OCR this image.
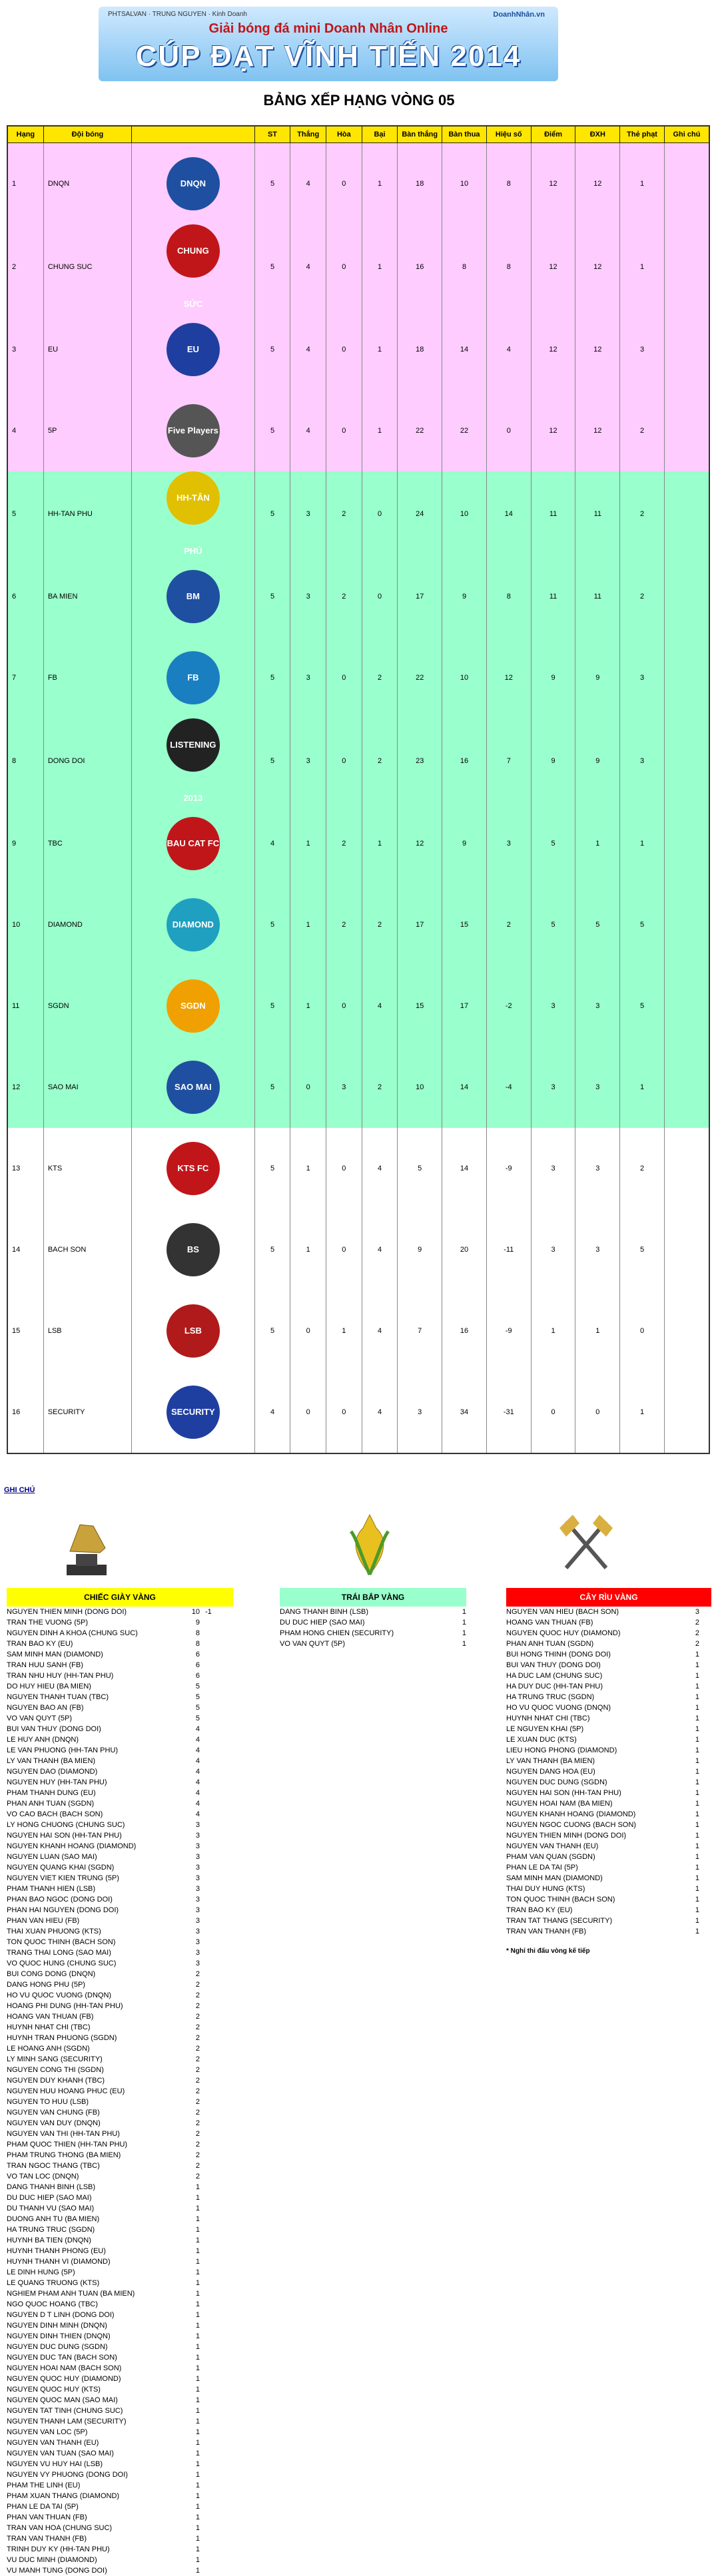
PHTSALVAN · TRUNG NGUYEN · Kinh Doanh	DoanhNhân.vn
Giải bóng đá mini Doanh Nhân Online
CÚP ĐẠT VĨNH TIẾN 2014
BẢNG XẾP HẠNG VÒNG 05
Hạng	Đội bóng		ST	Thắng	Hòa	Bại	Bàn thắng	Bàn thua	Hiệu số	Điểm	ĐXH	Thẻ phạt	Ghi chú
1	DNQN	DNQN	5	4	0	1	18	10	8	12	12	1	
2	CHUNG SUC	CHUNG SỨC	5	4	0	1	16	8	8	12	12	1	
3	EU	EU	5	4	0	1	18	14	4	12	12	3	
4	5P	Five Players	5	4	0	1	22	22	0	12	12	2	
5	HH-TAN PHU	HH-TÂN PHÚ	5	3	2	0	24	10	14	11	11	2	
6	BA MIEN	BM	5	3	2	0	17	9	8	11	11	2	
7	FB	FB	5	3	0	2	22	10	12	9	9	3	
8	DONG DOI	LISTENING 2013	5	3	0	2	23	16	7	9	9	3	
9	TBC	BAU CAT FC	4	1	2	1	12	9	3	5	1	1	
10	DIAMOND	DIAMOND	5	1	2	2	17	15	2	5	5	5	
11	SGDN	SGDN	5	1	0	4	15	17	-2	3	3	5	
12	SAO MAI	SAO MAI	5	0	3	2	10	14	-4	3	3	1	
13	KTS	KTS FC	5	1	0	4	5	14	-9	3	3	2	
14	BACH SON	BS	5	1	0	4	9	20	-11	3	3	5	
15	LSB	LSB	5	0	1	4	7	16	-9	1	1	0	
16	SECURITY	SECURITY	4	0	0	4	3	34	-31	0	0	1	
GHI CHÚ
CHIẾC GIÀY VÀNG
NGUYEN THIEN MINH (DONG DOI)	10 -1
TRAN THE VUONG (5P)	9
NGUYEN DINH A KHOA (CHUNG SUC)	8
TRAN BAO KY (EU)	8
SAM MINH MAN (DIAMOND)	6
TRAN HUU SANH (FB)	6
TRAN NHU HUY (HH-TAN PHU)	6
DO HUY HIEU (BA MIEN)	5
NGUYEN THANH TUAN (TBC)	5
NGUYEN BAO AN (FB)	5
VO VAN QUYT (5P)	5
BUI VAN THUY (DONG DOI)	4
LE HUY ANH (DNQN)	4
LE VAN PHUONG (HH-TAN PHU)	4
LY VAN THANH (BA MIEN)	4
NGUYEN DAO (DIAMOND)	4
NGUYEN HUY (HH-TAN PHU)	4
PHAM THANH DUNG (EU)	4
PHAN ANH TUAN (SGDN)	4
VO CAO BACH (BACH SON)	4
LY HONG CHUONG (CHUNG SUC)	3
NGUYEN HAI SON (HH-TAN PHU)	3
NGUYEN KHANH HOANG (DIAMOND)	3
NGUYEN LUAN (SAO MAI)	3
NGUYEN QUANG KHAI (SGDN)	3
NGUYEN VIET KIEN TRUNG (5P)	3
PHAM THANH HIEN (LSB)	3
PHAN BAO NGOC (DONG DOI)	3
PHAN HAI NGUYEN (DONG DOI)	3
PHAN VAN HIEU (FB)	3
THAI XUAN PHUONG (KTS)	3
TON QUOC THINH (BACH SON)	3
TRANG THAI LONG (SAO MAI)	3
VO QUOC HUNG (CHUNG SUC)	3
BUI CONG DONG (DNQN)	2
DANG HONG PHU (5P)	2
HO VU QUOC VUONG (DNQN)	2
HOANG PHI DUNG (HH-TAN PHU)	2
HOANG VAN THUAN (FB)	2
HUYNH NHAT CHI (TBC)	2
HUYNH TRAN PHUONG (SGDN)	2
LE HOANG ANH (SGDN)	2
LY MINH SANG (SECURITY)	2
NGUYEN CONG THI (SGDN)	2
NGUYEN DUY KHANH (TBC)	2
NGUYEN HUU HOANG PHUC (EU)	2
NGUYEN TO HUU (LSB)	2
NGUYEN VAN CHUNG (FB)	2
NGUYEN VAN DUY (DNQN)	2
NGUYEN VAN THI (HH-TAN PHU)	2
PHAM QUOC THIEN (HH-TAN PHU)	2
PHAM TRUNG THONG (BA MIEN)	2
TRAN NGOC THANG (TBC)	2
VO TAN LOC (DNQN)	2
DANG THANH BINH (LSB)	1
DU DUC HIEP (SAO MAI)	1
DU THANH VU (SAO MAI)	1
DUONG ANH TU (BA MIEN)	1
HA TRUNG TRUC (SGDN)	1
HUYNH BA TIEN (DNQN)	1
HUYNH THANH PHONG (EU)	1
HUYNH THANH VI (DIAMOND)	1
LE DINH HUNG (5P)	1
LE QUANG TRUONG (KTS)	1
NGHIEM PHAM ANH TUAN (BA MIEN)	1
NGO QUOC HOANG (TBC)	1
NGUYEN D T LINH (DONG DOI)	1
NGUYEN DINH MINH (DNQN)	1
NGUYEN DINH THIEN (DNQN)	1
NGUYEN DUC DUNG (SGDN)	1
NGUYEN DUC TAN (BACH SON)	1
NGUYEN HOAI NAM (BACH SON)	1
NGUYEN QUOC HUY (DIAMOND)	1
NGUYEN QUOC HUY (KTS)	1
NGUYEN QUOC MAN (SAO MAI)	1
NGUYEN TAT TINH (CHUNG SUC)	1
NGUYEN THANH LAM (SECURITY)	1
NGUYEN VAN LOC (5P)	1
NGUYEN VAN THANH (EU)	1
NGUYEN VAN TUAN (SAO MAI)	1
NGUYEN VU HUY HAI (LSB)	1
NGUYEN VY PHUONG (DONG DOI)	1
PHAM THE LINH (EU)	1
PHAM XUAN THANG (DIAMOND)	1
PHAN LE DA TAI (5P)	1
PHAN VAN THUAN (FB)	1
TRAN VAN HOA (CHUNG SUC)	1
TRAN VAN THANH (FB)	1
TRINH DUY KY (HH-TAN PHU)	1
VU DUC MINH (DIAMOND)	1
VU MANH TUNG (DONG DOI)	1
TRÁI BẮP VÀNG
DANG THANH BINH (LSB)	1
DU DUC HIEP (SAO MAI)	1
PHAM HONG CHIEN (SECURITY)	1
VO VAN QUYT (5P)	1
CÂY RÌU VÀNG
NGUYEN VAN HIEU (BACH SON)	3
HOANG VAN THUAN (FB)	2
NGUYEN QUOC HUY (DIAMOND)	2
PHAN ANH TUAN (SGDN)	2
BUI HONG THINH (DONG DOI)	1
BUI VAN THUY (DONG DOI)	1
HA DUC LAM (CHUNG SUC)	1
HA DUY DUC (HH-TAN PHU)	1
HA TRUNG TRUC (SGDN)	1
HO VU QUOC VUONG (DNQN)	1
HUYNH NHAT CHI (TBC)	1
LE NGUYEN KHAI (5P)	1
LE XUAN DUC (KTS)	1
LIEU HONG PHONG (DIAMOND)	1
LY VAN THANH (BA MIEN)	1
NGUYEN DANG HOA (EU)	1
NGUYEN DUC DUNG (SGDN)	1
NGUYEN HAI SON (HH-TAN PHU)	1
NGUYEN HOAI NAM (BA MIEN)	1
NGUYEN KHANH HOANG (DIAMOND)	1
NGUYEN NGOC CUONG (BACH SON)	1
NGUYEN THIEN MINH (DONG DOI)	1
NGUYEN VAN THANH (EU)	1
PHAM VAN QUAN (SGDN)	1
PHAN LE DA TAI (5P)	1
SAM MINH MAN (DIAMOND)	1
THAI DUY HUNG (KTS)	1
TON QUOC THINH (BACH SON)	1
TRAN BAO KY (EU)	1
TRAN TAT THANG (SECURITY)	1
TRAN VAN THANH (FB)	1
* Nghỉ thi đấu vòng kế tiếp
